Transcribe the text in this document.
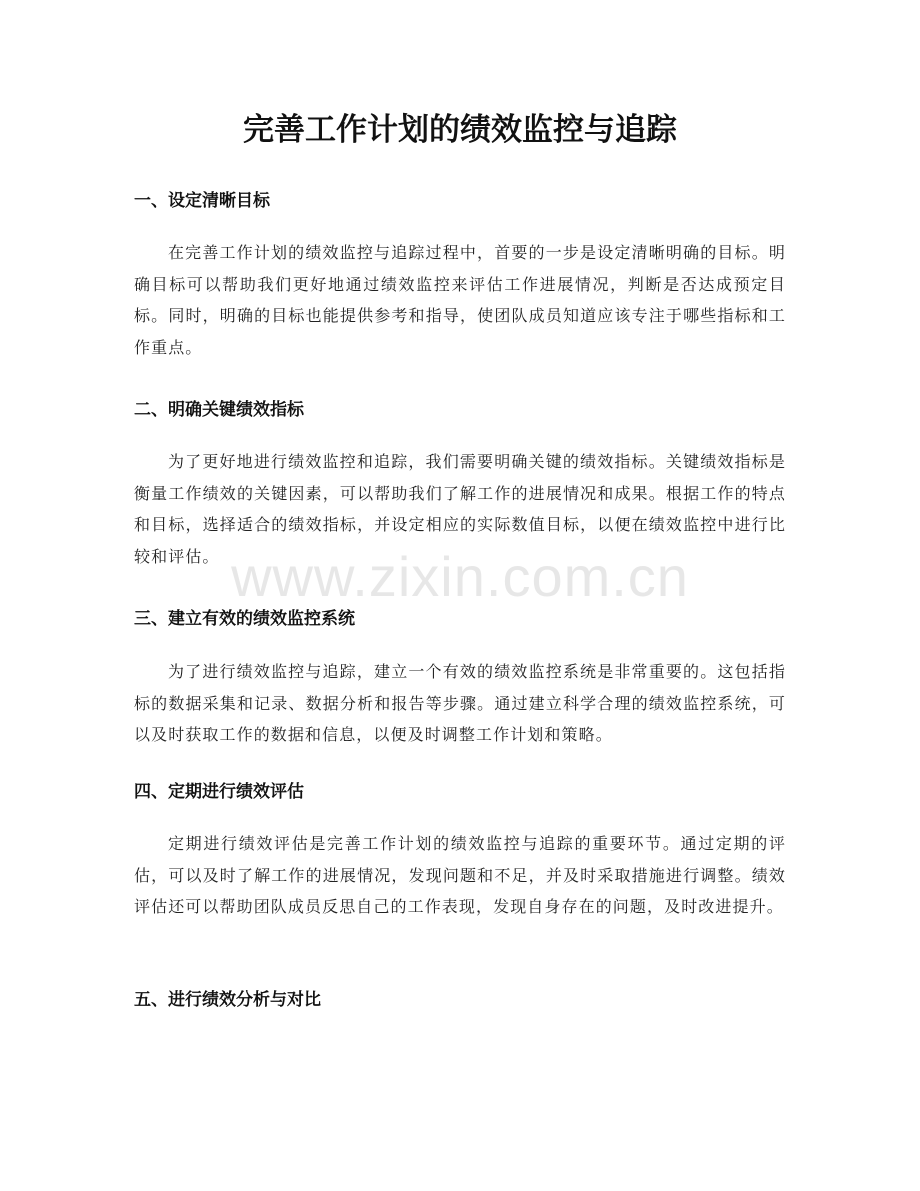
完善工作计划的绩效监控与追踪
一、设定清晰目标

在完善工作计划的绩效监控与追踪过程中，首要的一步是设定清晰明确的目标。明确目标可以帮助我们更好地通过绩效监控来评估工作进展情况，判断是否达成预定目标。同时，明确的目标也能提供参考和指导，使团队成员知道应该专注于哪些指标和工作重点。

二、明确关键绩效指标

为了更好地进行绩效监控和追踪，我们需要明确关键的绩效指标。关键绩效指标是衡量工作绩效的关键因素，可以帮助我们了解工作的进展情况和成果。根据工作的特点和目标，选择适合的绩效指标，并设定相应的实际数值目标，以便在绩效监控中进行比较和评估。

三、建立有效的绩效监控系统

为了进行绩效监控与追踪，建立一个有效的绩效监控系统是非常重要的。这包括指标的数据采集和记录、数据分析和报告等步骤。通过建立科学合理的绩效监控系统，可以及时获取工作的数据和信息，以便及时调整工作计划和策略。

四、定期进行绩效评估

定期进行绩效评估是完善工作计划的绩效监控与追踪的重要环节。通过定期的评估，可以及时了解工作的进展情况，发现问题和不足，并及时采取措施进行调整。绩效评估还可以帮助团队成员反思自己的工作表现，发现自身存在的问题，及时改进提升。

五、进行绩效分析与对比
www.zixin.com.cn
